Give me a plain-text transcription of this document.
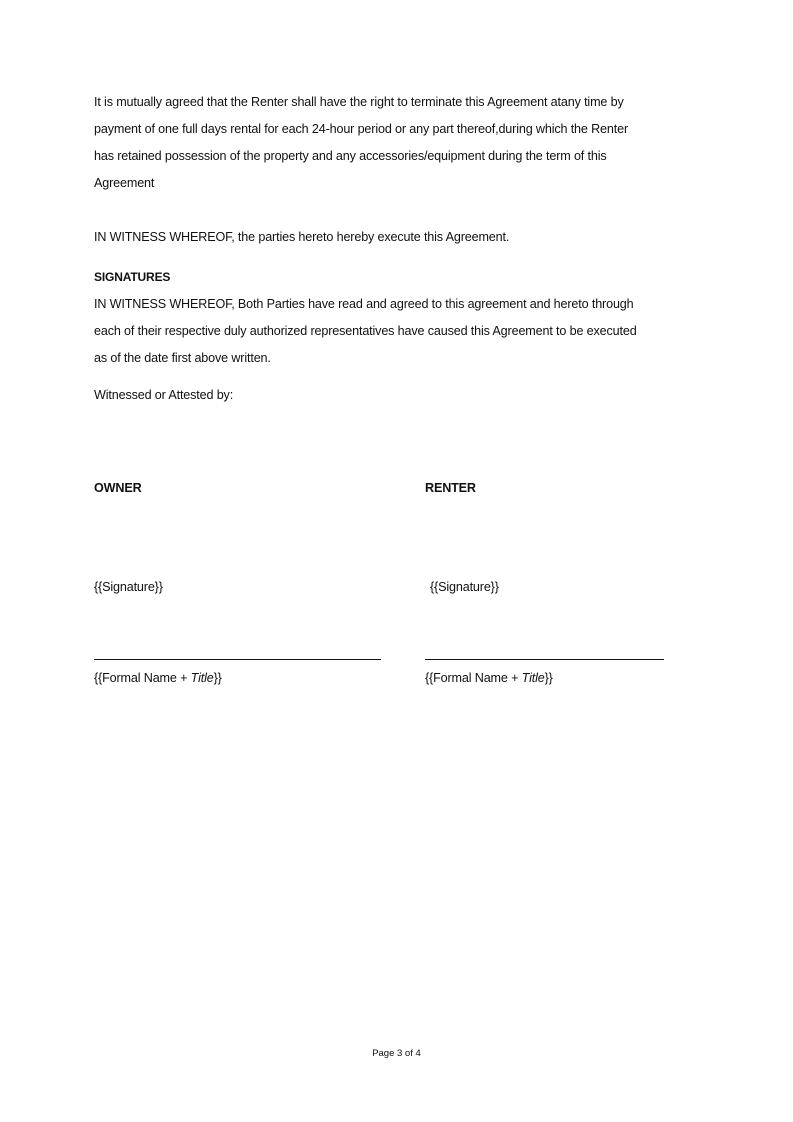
It is mutually agreed that the Renter shall have the right to terminate this Agreement atany time by
payment of one full days rental for each 24-hour period or any part thereof,during which the Renter
has retained possession of the property and any accessories/equipment during the term of this
Agreement
IN WITNESS WHEREOF, the parties hereto hereby execute this Agreement.
SIGNATURES
IN WITNESS WHEREOF, Both Parties have read and agreed to this agreement and hereto through
each of their respective duly authorized representatives have caused this Agreement to be executed
as of the date first above written.
Witnessed or Attested by:
OWNER
{{Signature}}
{{Formal Name + Title}}
RENTER
{{Signature}}
{{Formal Name + Title}}
Page 3 of 4
